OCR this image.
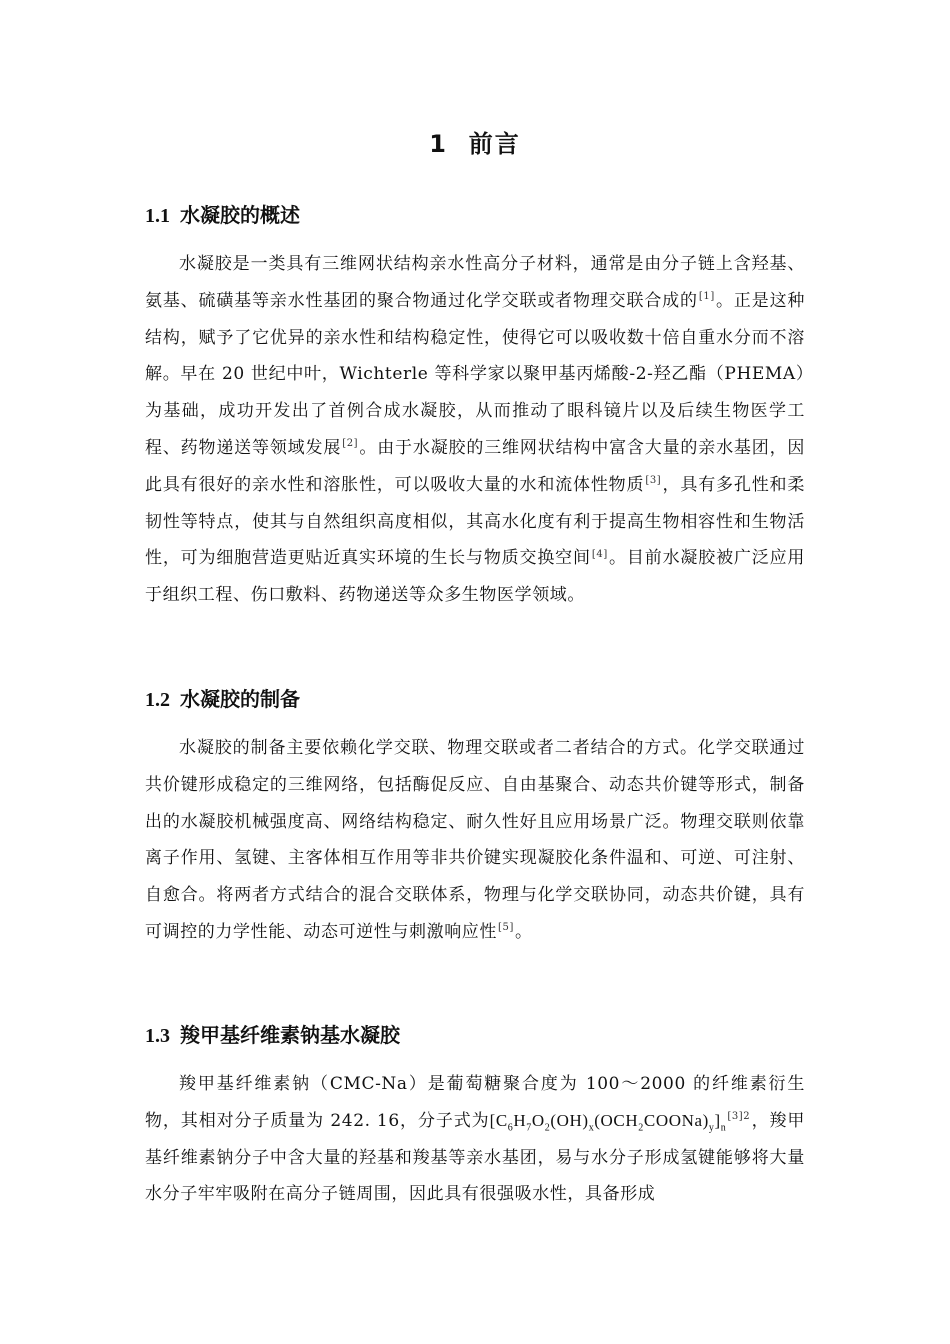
1 前言
1.1 水凝胶的概述

水凝胶是一类具有三维网状结构亲水性高分子材料，通常是由分子链上含羟基、氨基、硫磺基等亲水性基团的聚合物通过化学交联或者物理交联合成的[1]。正是这种结构，赋予了它优异的亲水性和结构稳定性，使得它可以吸收数十倍自重水分而不溶解。早在 20 世纪中叶，Wichterle 等科学家以聚甲基丙烯酸-2-羟乙酯（PHEMA）为基础，成功开发出了首例合成水凝胶，从而推动了眼科镜片以及后续生物医学工程、药物递送等领域发展[2]。由于水凝胶的三维网状结构中富含大量的亲水基团，因此具有很好的亲水性和溶胀性，可以吸收大量的水和流体性物质[3]，具有多孔性和柔韧性等特点，使其与自然组织高度相似，其高水化度有利于提高生物相容性和生物活性，可为细胞营造更贴近真实环境的生长与物质交换空间[4]。目前水凝胶被广泛应用于组织工程、伤口敷料、药物递送等众多生物医学领域。

1.2 水凝胶的制备

水凝胶的制备主要依赖化学交联、物理交联或者二者结合的方式。化学交联通过共价键形成稳定的三维网络，包括酶促反应、自由基聚合、动态共价键等形式，制备出的水凝胶机械强度高、网络结构稳定、耐久性好且应用场景广泛。物理交联则依靠离子作用、氢键、主客体相互作用等非共价键实现凝胶化条件温和、可逆、可注射、自愈合。将两者方式结合的混合交联体系，物理与化学交联协同，动态共价键，具有可调控的力学性能、动态可逆性与刺激响应性[5]。

1.3 羧甲基纤维素钠基水凝胶

羧甲基纤维素钠（CMC-Na）是葡萄糖聚合度为 100～2000 的纤维素衍生物，其相对分子质量为 242. 16，分子式为$[C_6H_7O_2(OH)_x(OCH_2COONa)_y]_n^{[3]2}$，羧甲基纤维素钠分子中含大量的羟基和羧基等亲水基团，易与水分子形成氢键能够将大量水分子牢牢吸附在高分子链周围，因此具有很强吸水性，具备形成
